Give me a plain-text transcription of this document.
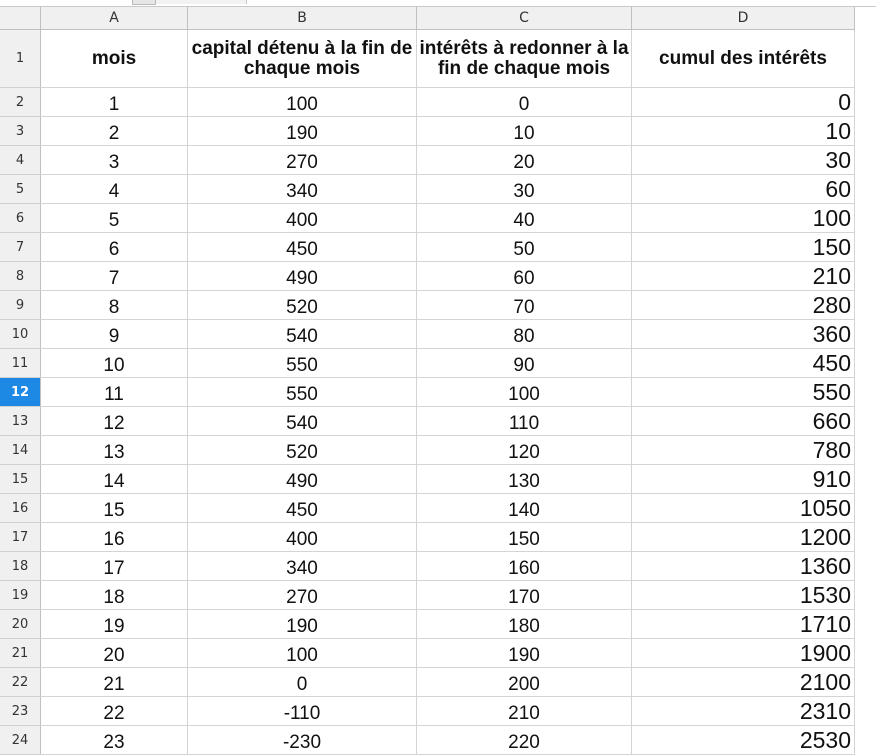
	A	B	C	D
1	mois	capital détenu à la fin de chaque mois	intérêts à redonner à la fin de chaque mois	cumul des intérêts
2	1	100	0	0
3	2	190	10	10
4	3	270	20	30
5	4	340	30	60
6	5	400	40	100
7	6	450	50	150
8	7	490	60	210
9	8	520	70	280
10	9	540	80	360
11	10	550	90	450
12	11	550	100	550
13	12	540	110	660
14	13	520	120	780
15	14	490	130	910
16	15	450	140	1050
17	16	400	150	1200
18	17	340	160	1360
19	18	270	170	1530
20	19	190	180	1710
21	20	100	190	1900
22	21	0	200	2100
23	22	-110	210	2310
24	23	-230	220	2530
